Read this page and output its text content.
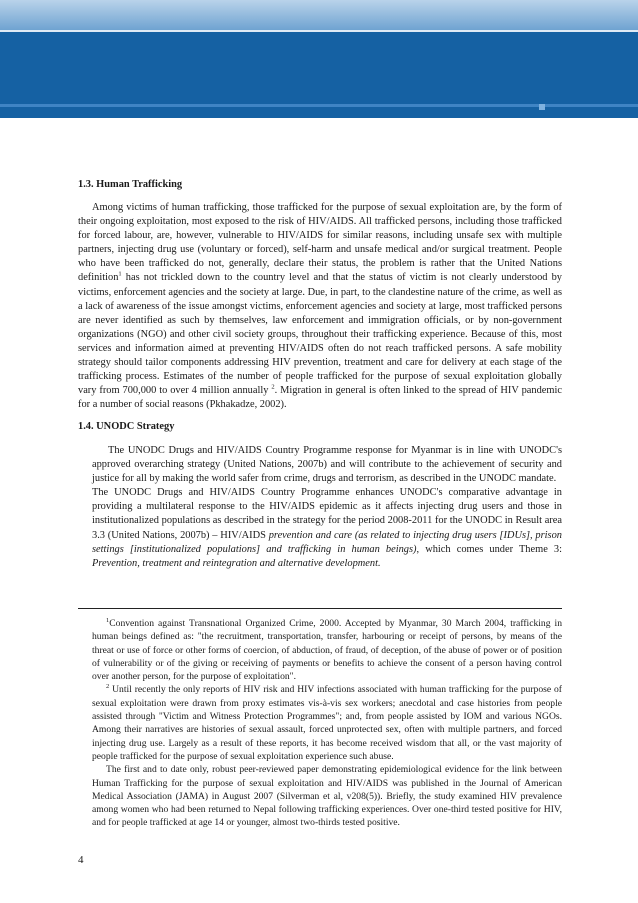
1.3. Human Trafficking

Among victims of human trafficking, those trafficked for the purpose of sexual exploitation are, by the form of their ongoing exploitation, most exposed to the risk of HIV/AIDS. All trafficked persons, including those trafficked for forced labour, are, however, vulnerable to HIV/AIDS for similar reasons, including unsafe sex with multiple partners, injecting drug use (voluntary or forced), self-harm and unsafe medical and/or surgical treatment. People who have been trafficked do not, generally, declare their status, the problem is rather that the United Nations definition$^1$ has not trickled down to the country level and that the status of victim is not clearly understood by victims, enforcement agencies and the society at large. Due, in part, to the clandestine nature of the crime, as well as a lack of awareness of the issue amongst victims, enforcement agencies and society at large, most trafficked persons are never identified as such by themselves, law enforcement and immigration officials, or by non-government organizations (NGO) and other civil society groups, throughout their trafficking experience. Because of this, most services and information aimed at preventing HIV/AIDS often do not reach trafficked persons. A safe mobility strategy should tailor components addressing HIV prevention, treatment and care for delivery at each stage of the trafficking process. Estimates of the number of people trafficked for the purpose of sexual exploitation globally vary from 700,000 to over 4 million annually $^2$. Migration in general is often linked to the spread of HIV pandemic for a number of social reasons (Pkhakadze, 2002).

1.4. UNODC Strategy

The UNODC Drugs and HIV/AIDS Country Programme response for Myanmar is in line with UNODC's approved overarching strategy (United Nations, 2007b) and will contribute to the achievement of security and justice for all by making the world safer from crime, drugs and terrorism, as described in the UNODC mandate.

The UNODC Drugs and HIV/AIDS Country Programme enhances UNODC's comparative advantage in providing a multilateral response to the HIV/AIDS epidemic as it affects injecting drug users and those in institutionalized populations as described in the strategy for the period 2008-2011 for the UNODC in Result area 3.3 (United Nations, 2007b) – HIV/AIDS prevention and care (as related to injecting drug users [IDUs], prison settings [institutionalized populations] and trafficking in human beings), which comes under Theme 3: Prevention, treatment and reintegration and alternative development.

$^1$Convention against Transnational Organized Crime, 2000. Accepted by Myanmar, 30 March 2004, trafficking in human beings defined as: "the recruitment, transportation, transfer, harbouring or receipt of persons, by means of the threat or use of force or other forms of coercion, of abduction, of fraud, of deception, of the abuse of power or of position of vulnerability or of the giving or receiving of payments or benefits to achieve the consent of a person having control over another person, for the purpose of exploitation".

$^2$ Until recently the only reports of HIV risk and HIV infections associated with human trafficking for the purpose of sexual exploitation were drawn from proxy estimates vis-à-vis sex workers; anecdotal and case histories from people assisted through "Victim and Witness Protection Programmes"; and, from people assisted by IOM and various NGOs. Among their narratives are histories of sexual assault, forced unprotected sex, often with multiple partners, and forced injecting drug use. Largely as a result of these reports, it has become received wisdom that all, or the vast majority of people trafficked for the purpose of sexual exploitation experience such abuse.

The first and to date only, robust peer-reviewed paper demonstrating epidemiological evidence for the link between Human Trafficking for the purpose of sexual exploitation and HIV/AIDS was published in the Journal of American Medical Association (JAMA) in August 2007 (Silverman et al, v208(5)). Briefly, the study examined HIV prevalence among women who had been returned to Nepal following trafficking experiences. Over one-third tested positive for HIV, and for people trafficked at age 14 or younger, almost two-thirds tested positive.

4
